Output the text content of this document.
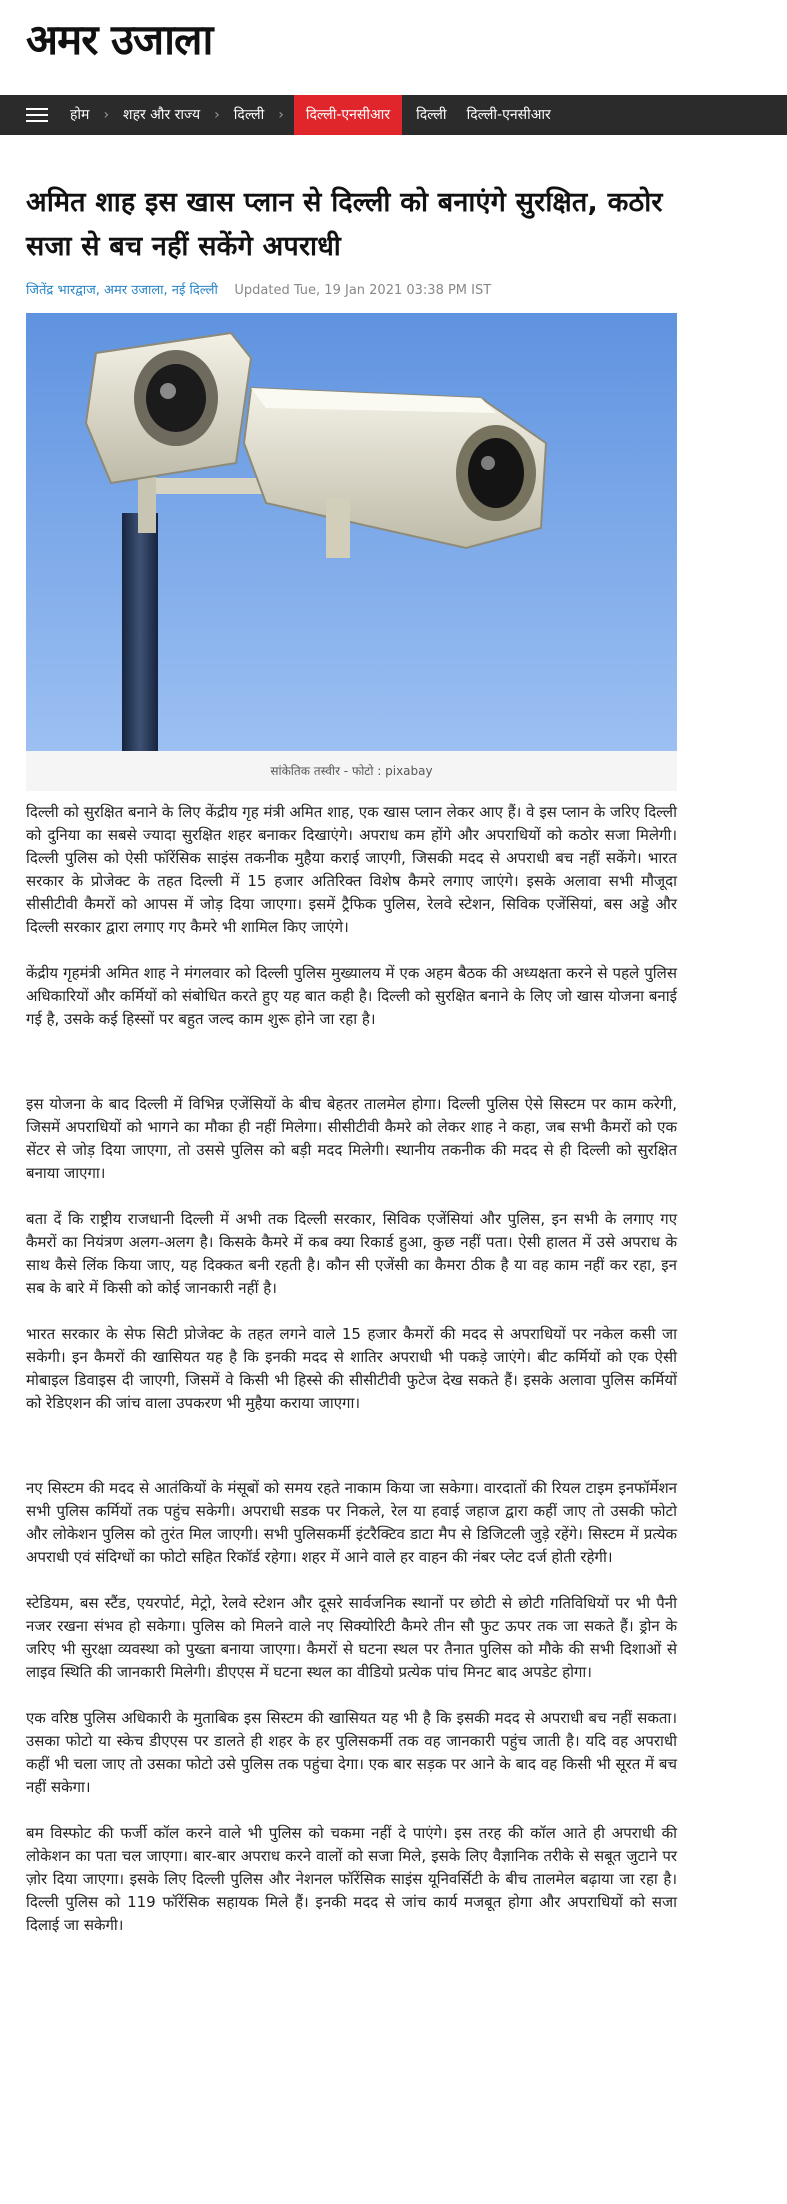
अमर उजाला
होम	›	शहर और राज्य	›	दिल्ली	›	दिल्ली-एनसीआर	दिल्ली	दिल्ली-एनसीआर
अमित शाह इस खास प्लान से दिल्ली को बनाएंगे सुरक्षित, कठोर सजा से बच नहीं सकेंगे अपराधी
जितेंद्र भारद्वाज, अमर उजाला, नई दिल्ली Updated Tue, 19 Jan 2021 03:38 PM IST
सांकेतिक तस्वीर - फोटो : pixabay

दिल्ली को सुरक्षित बनाने के लिए केंद्रीय गृह मंत्री अमित शाह, एक खास प्लान लेकर आए हैं। वे इस प्लान के जरिए दिल्ली को दुनिया का सबसे ज्यादा सुरक्षित शहर बनाकर दिखाएंगे। अपराध कम होंगे और अपराधियों को कठोर सजा मिलेगी। दिल्ली पुलिस को ऐसी फॉरेंसिक साइंस तकनीक मुहैया कराई जाएगी, जिसकी मदद से अपराधी बच नहीं सकेंगे। भारत सरकार के प्रोजेक्ट के तहत दिल्ली में 15 हजार अतिरिक्त विशेष कैमरे लगाए जाएंगे। इसके अलावा सभी मौजूदा सीसीटीवी कैमरों को आपस में जोड़ दिया जाएगा। इसमें ट्रैफिक पुलिस, रेलवे स्टेशन, सिविक एजेंसियां, बस अड्डे और दिल्ली सरकार द्वारा लगाए गए कैमरे भी शामिल किए जाएंगे।

केंद्रीय गृहमंत्री अमित शाह ने मंगलवार को दिल्ली पुलिस मुख्यालय में एक अहम बैठक की अध्यक्षता करने से पहले पुलिस अधिकारियों और कर्मियों को संबोधित करते हुए यह बात कही है। दिल्ली को सुरक्षित बनाने के लिए जो खास योजना बनाई गई है, उसके कई हिस्सों पर बहुत जल्द काम शुरू होने जा रहा है।

इस योजना के बाद दिल्ली में विभिन्न एजेंसियों के बीच बेहतर तालमेल होगा। दिल्ली पुलिस ऐसे सिस्टम पर काम करेगी, जिसमें अपराधियों को भागने का मौका ही नहीं मिलेगा। सीसीटीवी कैमरे को लेकर शाह ने कहा, जब सभी कैमरों को एक सेंटर से जोड़ दिया जाएगा, तो उससे पुलिस को बड़ी मदद मिलेगी। स्थानीय तकनीक की मदद से ही दिल्ली को सुरक्षित बनाया जाएगा।

बता दें कि राष्ट्रीय राजधानी दिल्ली में अभी तक दिल्ली सरकार, सिविक एजेंसियां और पुलिस, इन सभी के लगाए गए कैमरों का नियंत्रण अलग-अलग है। किसके कैमरे में कब क्या रिकार्ड हुआ, कुछ नहीं पता। ऐसी हालत में उसे अपराध के साथ कैसे लिंक किया जाए, यह दिक्कत बनी रहती है। कौन सी एजेंसी का कैमरा ठीक है या वह काम नहीं कर रहा, इन सब के बारे में किसी को कोई जानकारी नहीं है।

भारत सरकार के सेफ सिटी प्रोजेक्ट के तहत लगने वाले 15 हजार कैमरों की मदद से अपराधियों पर नकेल कसी जा सकेगी। इन कैमरों की खासियत यह है कि इनकी मदद से शातिर अपराधी भी पकड़े जाएंगे। बीट कर्मियों को एक ऐसी मोबाइल डिवाइस दी जाएगी, जिसमें वे किसी भी हिस्से की सीसीटीवी फुटेज देख सकते हैं। इसके अलावा पुलिस कर्मियों को रेडिएशन की जांच वाला उपकरण भी मुहैया कराया जाएगा।

नए सिस्टम की मदद से आतंकियों के मंसूबों को समय रहते नाकाम किया जा सकेगा। वारदातों की रियल टाइम इनफॉर्मेशन सभी पुलिस कर्मियों तक पहुंच सकेगी। अपराधी सडक पर निकले, रेल या हवाई जहाज द्वारा कहीं जाए तो उसकी फोटो और लोकेशन पुलिस को तुरंत मिल जाएगी। सभी पुलिसकर्मी इंटरैक्टिव डाटा मैप से डिजिटली जुड़े रहेंगे। सिस्टम में प्रत्येक अपराधी एवं संदिग्धों का फोटो सहित रिकॉर्ड रहेगा। शहर में आने वाले हर वाहन की नंबर प्लेट दर्ज होती रहेगी।

स्टेडियम, बस स्टैंड, एयरपोर्ट, मेट्रो, रेलवे स्टेशन और दूसरे सार्वजनिक स्थानों पर छोटी से छोटी गतिविधियों पर भी पैनी नजर रखना संभव हो सकेगा। पुलिस को मिलने वाले नए सिक्योरिटी कैमरे तीन सौ फुट ऊपर तक जा सकते हैं। ड्रोन के जरिए भी सुरक्षा व्यवस्था को पुख्ता बनाया जाएगा। कैमरों से घटना स्थल पर तैनात पुलिस को मौके की सभी दिशाओं से लाइव स्थिति की जानकारी मिलेगी। डीएएस में घटना स्थल का वीडियो प्रत्येक पांच मिनट बाद अपडेट होगा।

एक वरिष्ठ पुलिस अधिकारी के मुताबिक इस सिस्टम की खासियत यह भी है कि इसकी मदद से अपराधी बच नहीं सकता। उसका फोटो या स्केच डीएएस पर डालते ही शहर के हर पुलिसकर्मी तक वह जानकारी पहुंच जाती है। यदि वह अपराधी कहीं भी चला जाए तो उसका फोटो उसे पुलिस तक पहुंचा देगा। एक बार सड़क पर आने के बाद वह किसी भी सूरत में बच नहीं सकेगा।

बम विस्फोट की फर्जी कॉल करने वाले भी पुलिस को चकमा नहीं दे पाएंगे। इस तरह की कॉल आते ही अपराधी की लोकेशन का पता चल जाएगा। बार-बार अपराध करने वालों को सजा मिले, इसके लिए वैज्ञानिक तरीके से सबूत जुटाने पर ज़ोर दिया जाएगा। इसके लिए दिल्ली पुलिस और नेशनल फॉरेंसिक साइंस यूनिवर्सिटी के बीच तालमेल बढ़ाया जा रहा है। दिल्ली पुलिस को 119 फॉरेंसिक सहायक मिले हैं। इनकी मदद से जांच कार्य मजबूत होगा और अपराधियों को सजा दिलाई जा सकेगी।
